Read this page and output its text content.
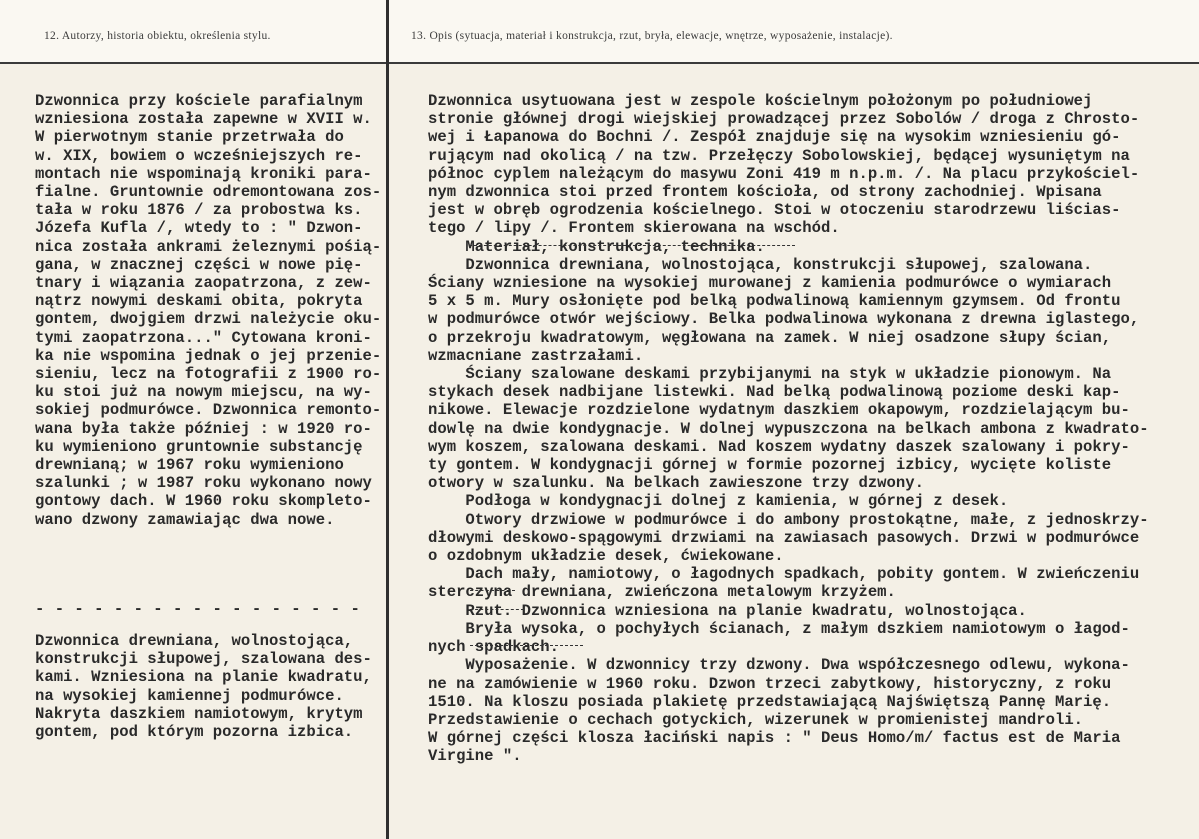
12. Autorzy, historia obiektu, określenia stylu.	13. Opis (sytuacja, materiał i konstrukcja, rzut, bryła, elewacje, wnętrze, wyposażenie, instalacje).
Dzwonnica przy kościele parafialnym
wzniesiona została zapewne w XVII w.
W pierwotnym stanie przetrwała do
w. XIX, bowiem o wcześniejszych re-
montach nie wspominają kroniki para-
fialne. Gruntownie odremontowana zos-
tała w roku 1876 / za probostwa ks.
Józefa Kufla /, wtedy to : " Dzwon-
nica została ankrami żeleznymi pośią-
gana, w znacznej części w nowe pię-
tnary i wiązania zaopatrzona, z zew-
nątrz nowymi deskami obita, pokryta
gontem, dwojgiem drzwi należycie oku-
tymi zaopatrzona..." Cytowana kroni-
ka nie wspomina jednak o jej przenie-
sieniu, lecz na fotografii z 1900 ro-
ku stoi już na nowym miejscu, na wy-
sokiej podmurówce. Dzwonnica remonto-
wana była także później : w 1920 ro-
ku wymieniono gruntownie substancję
drewnianą; w 1967 roku wymieniono
szalunki ; w 1987 roku wykonano nowy
gontowy dach. W 1960 roku skompleto-
wano dzwony zamawiając dwa nowe.
- - - - - - - - - - - - - - - - -
Dzwonnica drewniana, wolnostojąca,
konstrukcji słupowej, szalowana des-
kami. Wzniesiona na planie kwadratu,
na wysokiej kamiennej podmurówce.
Nakryta daszkiem namiotowym, krytym
gontem, pod którym pozorna izbica.
Dzwonnica usytuowana jest w zespole kościelnym położonym po południowej
stronie głównej drogi wiejskiej prowadzącej przez Sobolów / droga z Chrosto-
wej i Łapanowa do Bochni /. Zespół znajduje się na wysokim wzniesieniu gó-
rującym nad okolicą / na tzw. Przełęczy Sobolowskiej, będącej wysuniętym na
północ cyplem należącym do masywu Zoni 419 m n.p.m. /. Na placu przykościel-
nym dzwonnica stoi przed frontem kościoła, od strony zachodniej. Wpisana
jest w obręb ogrodzenia kościelnego. Stoi w otoczeniu starodrzewu liścias-
tego / lipy /. Frontem skierowana na wschód.
Materiał, konstrukcja, technika.
Dzwonnica drewniana, wolnostojąca, konstrukcji słupowej, szalowana.
Ściany wzniesione na wysokiej murowanej z kamienia podmurówce o wymiarach
5 x 5 m. Mury osłonięte pod belką podwalinową kamiennym gzymsem. Od frontu
w podmurówce otwór wejściowy. Belka podwalinowa wykonana z drewna iglastego,
o przekroju kwadratowym, węgłowana na zamek. W niej osadzone słupy ścian,
wzmacniane zastrzałami.
Ściany szalowane deskami przybijanymi na styk w układzie pionowym. Na
stykach desek nadbijane listewki. Nad belką podwalinową poziome deski kap-
nikowe. Elewacje rozdzielone wydatnym daszkiem okapowym, rozdzielającym bu-
dowlę na dwie kondygnacje. W dolnej wypuszczona na belkach ambona z kwadrato-
wym koszem, szalowana deskami. Nad koszem wydatny daszek szalowany i pokry-
ty gontem. W kondygnacji górnej w formie pozornej izbicy, wycięte koliste
otwory w szalunku. Na belkach zawieszone trzy dzwony.
Podłoga w kondygnacji dolnej z kamienia, w górnej z desek.
Otwory drzwiowe w podmurówce i do ambony prostokątne, małe, z jednoskrzy-
dłowymi deskowo-spągowymi drzwiami na zawiasach pasowych. Drzwi w podmurówce
o ozdobnym układzie desek, ćwiekowane.
Dach mały, namiotowy, o łagodnych spadkach, pobity gontem. W zwieńczeniu
sterczyna drewniana, zwieńczona metalowym krzyżem.
Rzut. Dzwonnica wzniesiona na planie kwadratu, wolnostojąca.
Bryła wysoka, o pochyłych ścianach, z małym dszkiem namiotowym o łagod-
nych spadkach.
Wyposażenie. W dzwonnicy trzy dzwony. Dwa współczesnego odlewu, wykona-
ne na zamówienie w 1960 roku. Dzwon trzeci zabytkowy, historyczny, z roku
1510. Na kloszu posiada plakietę przedstawiającą Najświętszą Pannę Marię.
Przedstawienie o cechach gotyckich, wizerunek w promienistej mandroli.
W górnej części klosza łaciński napis : " Deus Homo/m/ factus est de Maria
Virgine ".
